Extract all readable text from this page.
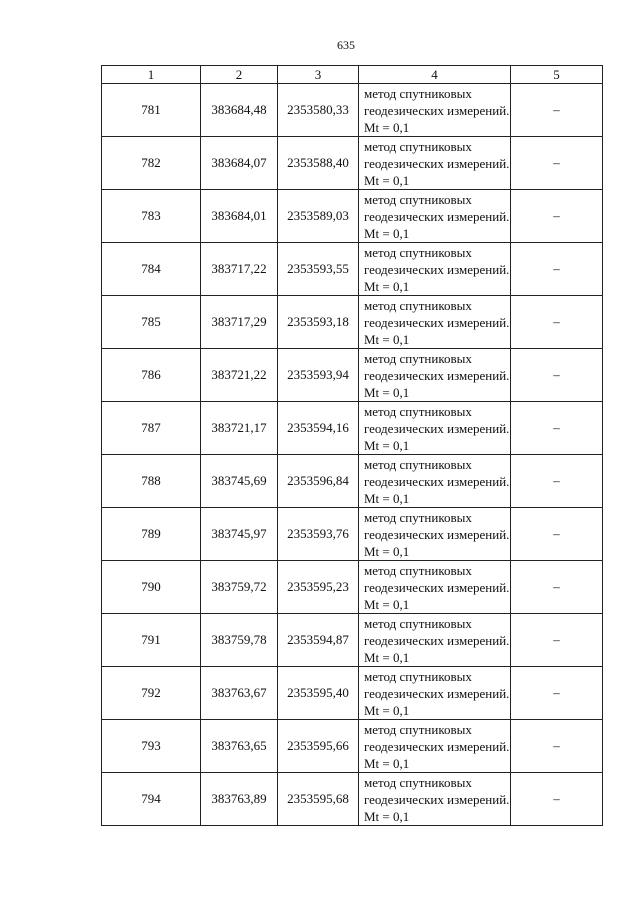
635
1	2	3	4	5
781	383684,48	2353580,33	метод спутниковых геодезических измерений. Mt = 0,1	–
782	383684,07	2353588,40	метод спутниковых геодезических измерений. Mt = 0,1	–
783	383684,01	2353589,03	метод спутниковых геодезических измерений. Mt = 0,1	–
784	383717,22	2353593,55	метод спутниковых геодезических измерений. Mt = 0,1	–
785	383717,29	2353593,18	метод спутниковых геодезических измерений. Mt = 0,1	–
786	383721,22	2353593,94	метод спутниковых геодезических измерений. Mt = 0,1	–
787	383721,17	2353594,16	метод спутниковых геодезических измерений. Mt = 0,1	–
788	383745,69	2353596,84	метод спутниковых геодезических измерений. Mt = 0,1	–
789	383745,97	2353593,76	метод спутниковых геодезических измерений. Mt = 0,1	–
790	383759,72	2353595,23	метод спутниковых геодезических измерений. Mt = 0,1	–
791	383759,78	2353594,87	метод спутниковых геодезических измерений. Mt = 0,1	–
792	383763,67	2353595,40	метод спутниковых геодезических измерений. Mt = 0,1	–
793	383763,65	2353595,66	метод спутниковых геодезических измерений. Mt = 0,1	–
794	383763,89	2353595,68	метод спутниковых геодезических измерений. Mt = 0,1	–
